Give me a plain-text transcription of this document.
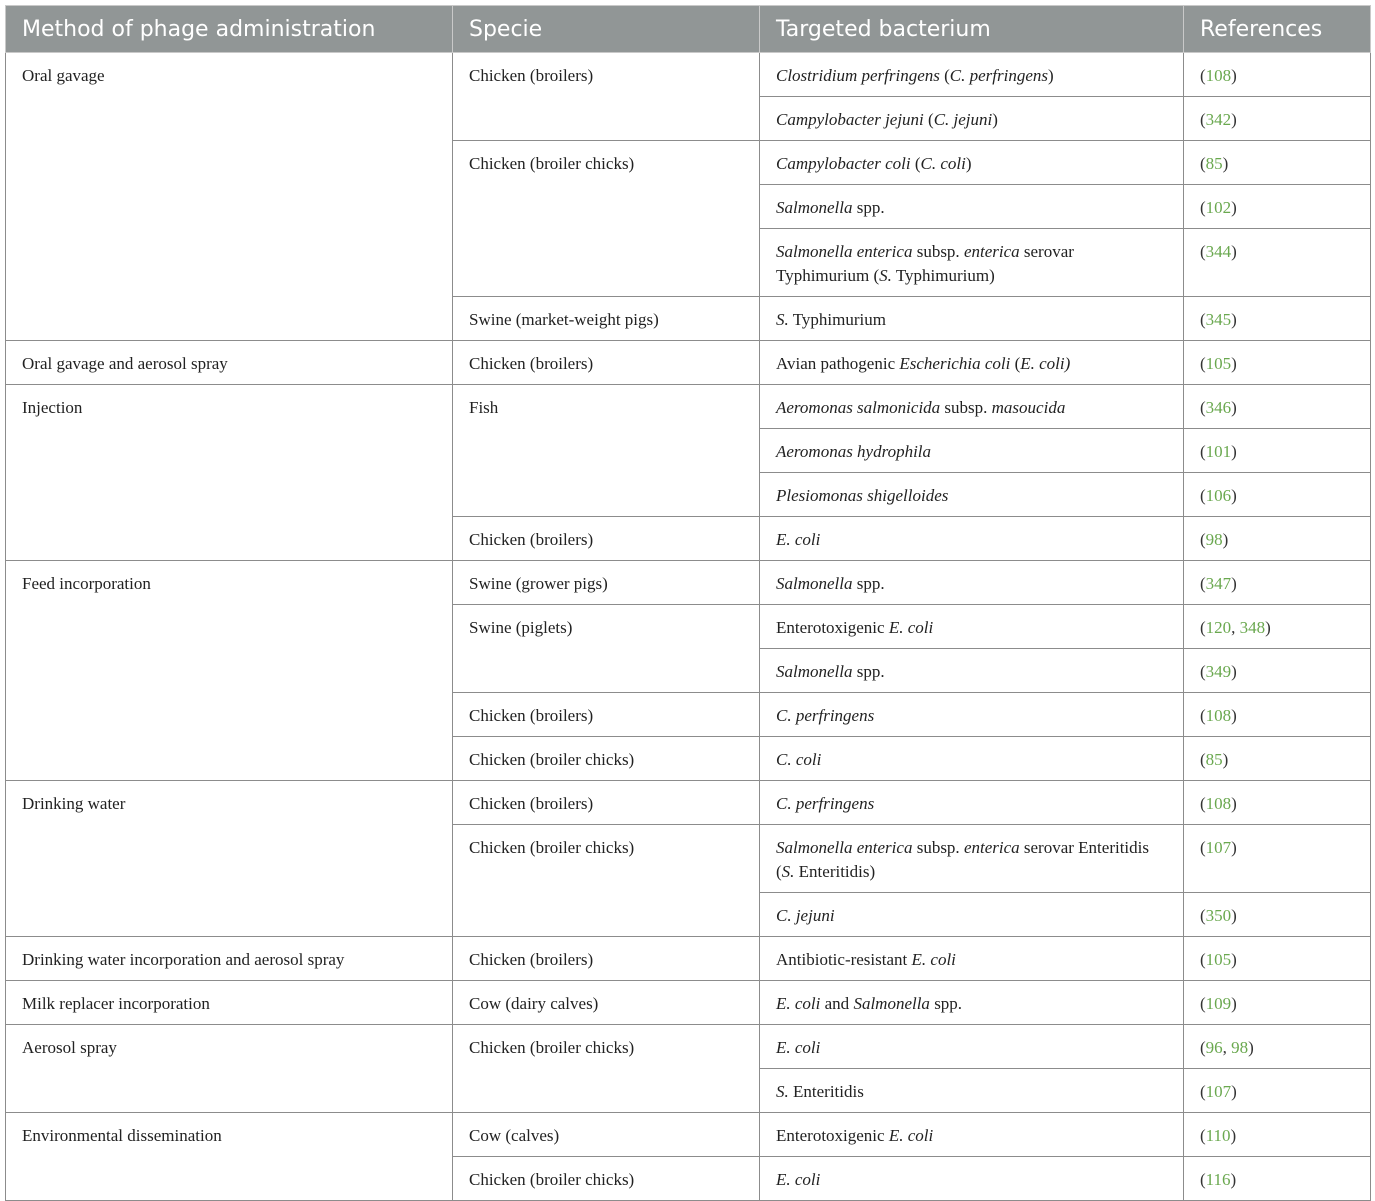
Method of phage administration	Specie	Targeted bacterium	References
Oral gavage	Chicken (broilers)	Clostridium perfringens (C. perfringens)	(108)
		Campylobacter jejuni (C. jejuni)	(342)
	Chicken (broiler chicks)	Campylobacter coli (C. coli)	(85)
		Salmonella spp.	(102)
		Salmonella enterica subsp. enterica serovar Typhimurium (S. Typhimurium)	(344)
	Swine (market-weight pigs)	S. Typhimurium	(345)
Oral gavage and aerosol spray	Chicken (broilers)	Avian pathogenic Escherichia coli (E. coli)	(105)
Injection	Fish	Aeromonas salmonicida subsp. masoucida	(346)
		Aeromonas hydrophila	(101)
		Plesiomonas shigelloides	(106)
	Chicken (broilers)	E. coli	(98)
Feed incorporation	Swine (grower pigs)	Salmonella spp.	(347)
	Swine (piglets)	Enterotoxigenic E. coli	(120, 348)
		Salmonella spp.	(349)
	Chicken (broilers)	C. perfringens	(108)
	Chicken (broiler chicks)	C. coli	(85)
Drinking water	Chicken (broilers)	C. perfringens	(108)
	Chicken (broiler chicks)	Salmonella enterica subsp. enterica serovar Enteritidis (S. Enteritidis)	(107)
		C. jejuni	(350)
Drinking water incorporation and aerosol spray	Chicken (broilers)	Antibiotic-resistant E. coli	(105)
Milk replacer incorporation	Cow (dairy calves)	E. coli and Salmonella spp.	(109)
Aerosol spray	Chicken (broiler chicks)	E. coli	(96, 98)
		S. Enteritidis	(107)
Environmental dissemination	Cow (calves)	Enterotoxigenic E. coli	(110)
	Chicken (broiler chicks)	E. coli	(116)
